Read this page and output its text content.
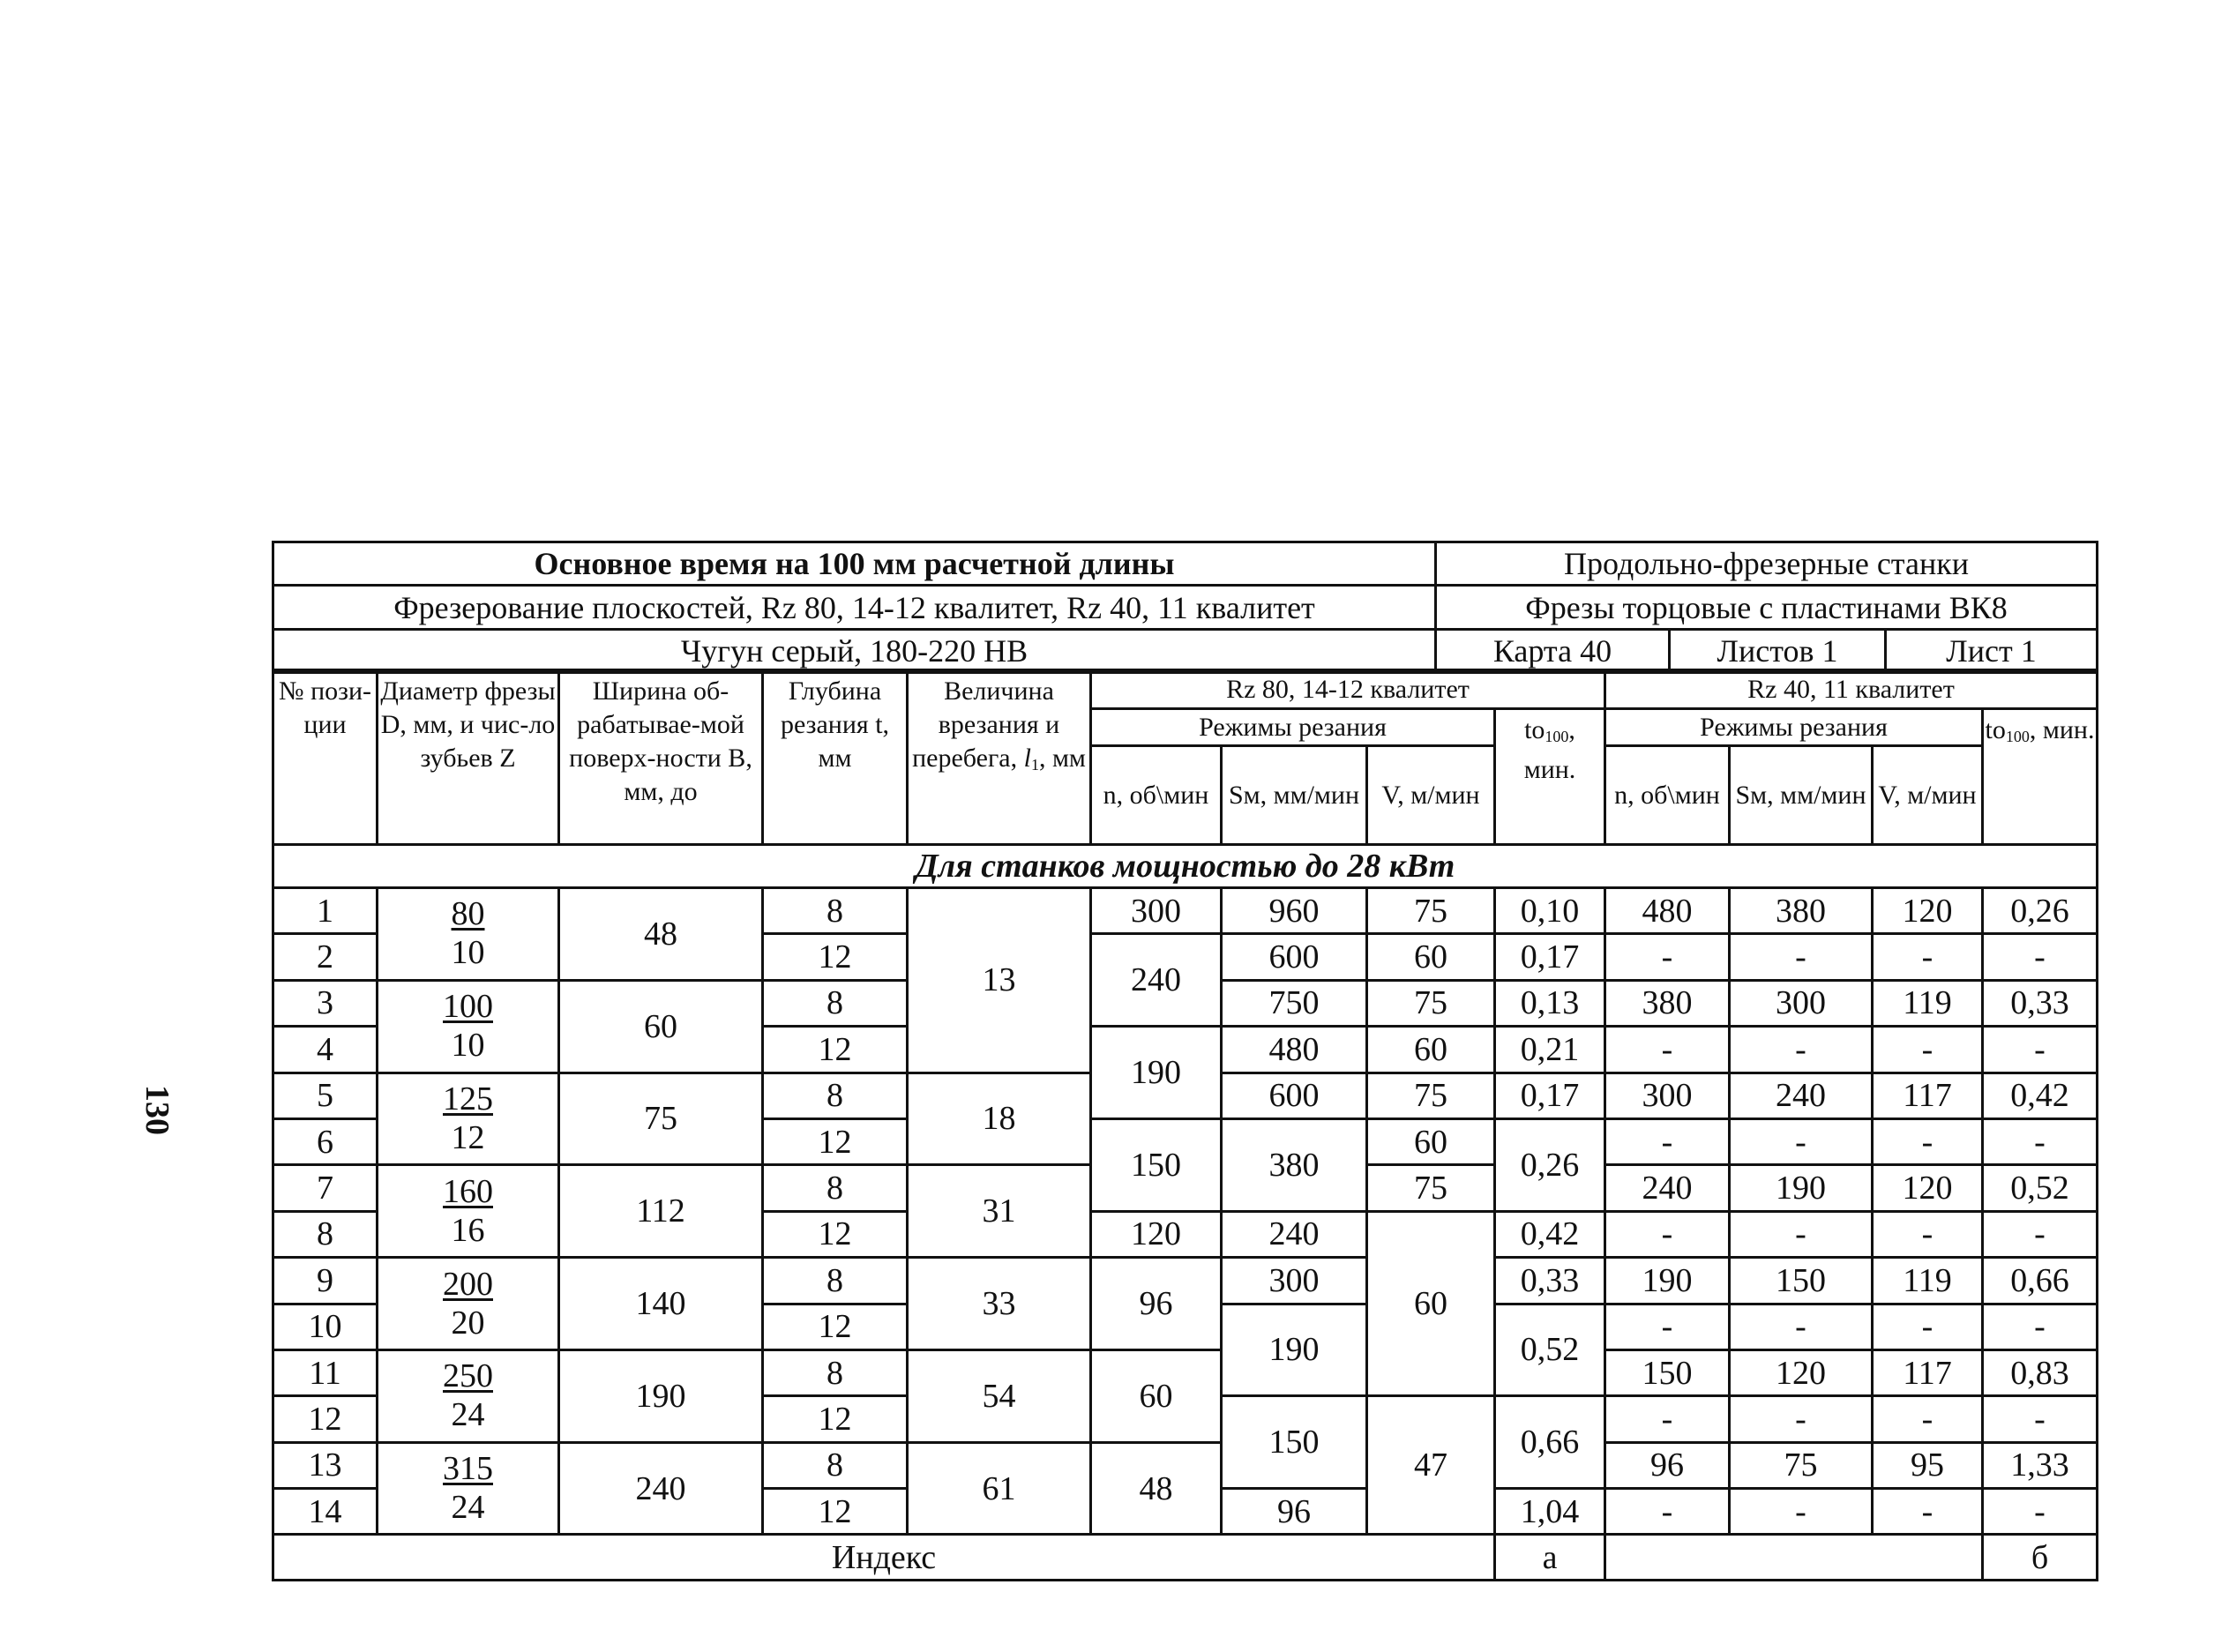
130
Основное время на 100 мм расчетной длины	Продольно-фрезерные станки		
Фрезерование плоскостей, Rz 80, 14-12 квалитет, Rz 40, 11 квалитет	Фрезы торцовые с пластинами ВК8		
Чугун серый, 180-220 НВ	Карта 40	Листов 1	Лист 1
№ пози-ции	Диаметр фрезы D, мм, и чис-ло зубьев Z	Ширина об-рабатывае-мой поверх-ности В, мм, до	Глубина резания t, мм	Величина врезания и перебега, $l_1$, мм	Rz 80, 14-12 квалитет				Rz 40, 11 квалитет			
					Режимы резания			$to_{100}$, мин.	Режимы резания			$to_{100}$, мин.
					n, об\мин	Sм, мм/мин	V, м/мин		n, об\мин	Sм, мм/мин	V, м/мин	
Для станков мощностью до 28 кВт												
1	$\frac{80}{10}$	48	8	13	300	960	75	0,10	480	380	120	0,26
2			12		240	600	60	0,17	-	-	-	-
3	$\frac{100}{10}$	60	8			750	75	0,13	380	300	119	0,33
4			12		190	480	60	0,21	-	-	-	-
5	$\frac{125}{12}$	75	8	18		600	75	0,17	300	240	117	0,42
6			12		150	380	60	0,26	-	-	-	-
7	$\frac{160}{16}$	112	8	31			75		240	190	120	0,52
8			12		120	240	60	0,42	-	-	-	-
9	$\frac{200}{20}$	140	8	33	96	300		0,33	190	150	119	0,66
10			12			190		0,52	-	-	-	-
11	$\frac{250}{24}$	190	8	54	60				150	120	117	0,83
12			12			150	47	0,66	-	-	-	-
13	$\frac{315}{24}$	240	8	61	48				96	75	95	1,33
14			12			96		1,04	-	-	-	-
Индекс								а				б
